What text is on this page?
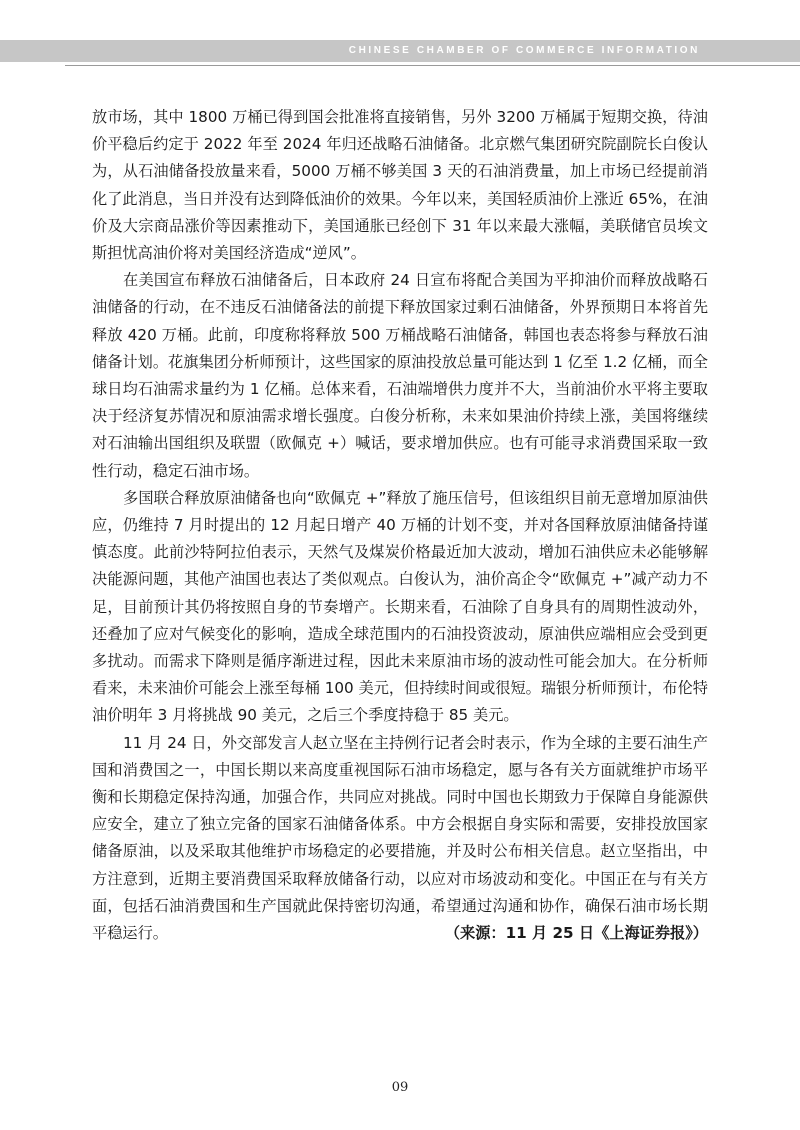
CHINESE CHAMBER OF COMMERCE INFORMATION

放市场，其中 1800 万桶已得到国会批准将直接销售，另外 3200 万桶属于短期交换，待油价平稳后约定于 2022 年至 2024 年归还战略石油储备。北京燃气集团研究院副院长白俊认为，从石油储备投放量来看，5000 万桶不够美国 3 天的石油消费量，加上市场已经提前消化了此消息，当日并没有达到降低油价的效果。今年以来，美国轻质油价上涨近 65%，在油价及大宗商品涨价等因素推动下，美国通胀已经创下 31 年以来最大涨幅，美联储官员埃文斯担忧高油价将对美国经济造成“逆风”。

在美国宣布释放石油储备后，日本政府 24 日宣布将配合美国为平抑油价而释放战略石油储备的行动，在不违反石油储备法的前提下释放国家过剩石油储备，外界预期日本将首先释放 420 万桶。此前，印度称将释放 500 万桶战略石油储备，韩国也表态将参与释放石油储备计划。花旗集团分析师预计，这些国家的原油投放总量可能达到 1 亿至 1.2 亿桶，而全球日均石油需求量约为 1 亿桶。总体来看，石油端增供力度并不大，当前油价水平将主要取决于经济复苏情况和原油需求增长强度。白俊分析称，未来如果油价持续上涨，美国将继续对石油输出国组织及联盟（欧佩克 +）喊话，要求增加供应。也有可能寻求消费国采取一致性行动，稳定石油市场。

多国联合释放原油储备也向“欧佩克 +”释放了施压信号，但该组织目前无意增加原油供应，仍维持 7 月时提出的 12 月起日增产 40 万桶的计划不变，并对各国释放原油储备持谨慎态度。此前沙特阿拉伯表示，天然气及煤炭价格最近加大波动，增加石油供应未必能够解决能源问题，其他产油国也表达了类似观点。白俊认为，油价高企令“欧佩克 +”减产动力不足，目前预计其仍将按照自身的节奏增产。长期来看，石油除了自身具有的周期性波动外，还叠加了应对气候变化的影响，造成全球范围内的石油投资波动，原油供应端相应会受到更多扰动。而需求下降则是循序渐进过程，因此未来原油市场的波动性可能会加大。在分析师看来，未来油价可能会上涨至每桶 100 美元，但持续时间或很短。瑞银分析师预计，布伦特油价明年 3 月将挑战 90 美元，之后三个季度持稳于 85 美元。

11 月 24 日，外交部发言人赵立坚在主持例行记者会时表示，作为全球的主要石油生产国和消费国之一，中国长期以来高度重视国际石油市场稳定，愿与各有关方面就维护市场平衡和长期稳定保持沟通，加强合作，共同应对挑战。同时中国也长期致力于保障自身能源供应安全，建立了独立完备的国家石油储备体系。中方会根据自身实际和需要，安排投放国家储备原油，以及采取其他维护市场稳定的必要措施，并及时公布相关信息。赵立坚指出，中方注意到，近期主要消费国采取释放储备行动，以应对市场波动和变化。中国正在与有关方面，包括石油消费国和生产国就此保持密切沟通，希望通过沟通和协作，确保石油市场长期平稳运行。	（来源：11 月 25 日《上海证券报》）

09
